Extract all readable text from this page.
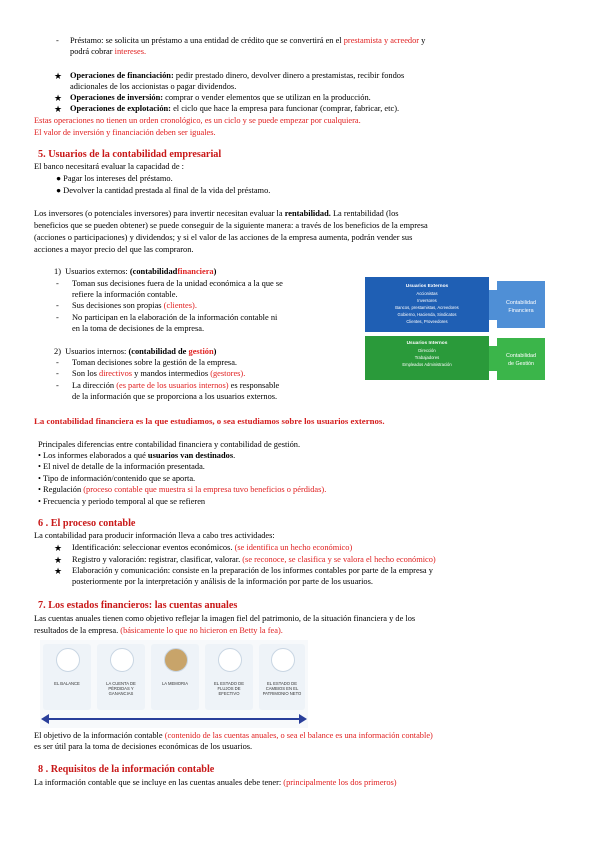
- Préstamo: se solicita un préstamo a una entidad de crédito que se convertirá en el prestamista y acreedor y
podrá cobrar intereses.
★ Operaciones de financiación: pedir prestado dinero, devolver dinero a prestamistas, recibir fondos
adicionales de los accionistas o pagar dividendos.
★ Operaciones de inversión: comprar o vender elementos que se utilizan en la producción.
★ Operaciones de explotación: el ciclo que hace la empresa para funcionar (comprar, fabricar, etc).
Estas operaciones no tienen un orden cronológico, es un ciclo y se puede empezar por cualquiera.
El valor de inversión y financiación deben ser iguales.
5. Usuarios de la contabilidad empresarial
El banco necesitará evaluar la capacidad de :
● Pagar los intereses del préstamo.
● Devolver la cantidad prestada al final de la vida del préstamo.
Los inversores (o potenciales inversores) para invertir necesitan evaluar la rentabilidad. La rentabilidad (los
beneficios que se pueden obtener) se puede conseguir de la siguiente manera: a través de los beneficios de la empresa
(acciones o participaciones) y dividendos; y si el valor de las acciones de la empresa aumenta, podrán vender sus
acciones a mayor precio del que las compraron.
1) Usuarios externos: (contabilidadfinanciera)
- Toman sus decisiones fuera de la unidad económica a la que se
refiere la información contable.
- Sus decisiones son propias (clientes).
- No participan en la elaboración de la información contable ni
en la toma de decisiones de la empresa.
2) Usuarios internos: (contabilidad de gestión)
- Toman decisiones sobre la gestión de la empresa.
- Son los directivos y mandos intermedios (gestores).
- La dirección (es parte de los usuarios internos) es responsable
de la información que se proporciona a los usuarios externos.
Usuarios Externos
Accionistas
Inversores
Bancos, prestamistas, Acreedores
Gobierno, Hacienda, Sindicatos
Clientes, Proveedores
Usuarios Internos
Dirección
Trabajadores
Empleados Administración
Contabilidad
Financiera
Contabilidad
de Gestión
La contabilidad financiera es la que estudiamos, o sea estudiamos sobre los usuarios externos.
Principales diferencias entre contabilidad financiera y contabilidad de gestión.
• Los informes elaborados a qué usuarios van destinados.
• El nivel de detalle de la información presentada.
• Tipo de información/contenido que se aporta.
• Regulación (proceso contable que muestra si la empresa tuvo beneficios o pérdidas).
• Frecuencia y periodo temporal al que se refieren
6 . El proceso contable
La contabilidad para producir información lleva a cabo tres actividades:
★ Identificación: seleccionar eventos económicos. (se identifica un hecho económico)
★ Registro y valoración: registrar, clasificar, valorar. (se reconoce, se clasifica y se valora el hecho económico)
★ Elaboración y comunicación: consiste en la preparación de los informes contables por parte de la empresa y
posteriormente por la interpretación y análisis de la información por parte de los usuarios.
7. Los estados financieros: las cuentas anuales
Las cuentas anuales tienen como objetivo reflejar la imagen fiel del patrimonio, de la situación financiera y de los
resultados de la empresa. (básicamente lo que no hicieron en Betty la fea).
EL BALANCE	LA CUENTA DE PÉRDIDAS Y GANANCIAS
LA MEMORIA	EL ESTADO DE FLUJOS DE EFECTIVO
EL ESTADO DE CAMBIOS EN EL PATRIMONIO NETO
El objetivo de la información contable (contenido de las cuentas anuales, o sea el balance es una información contable)
es ser útil para la toma de decisiones económicas de los usuarios.
8 . Requisitos de la información contable
La información contable que se incluye en las cuentas anuales debe tener: (principalmente los dos primeros)
